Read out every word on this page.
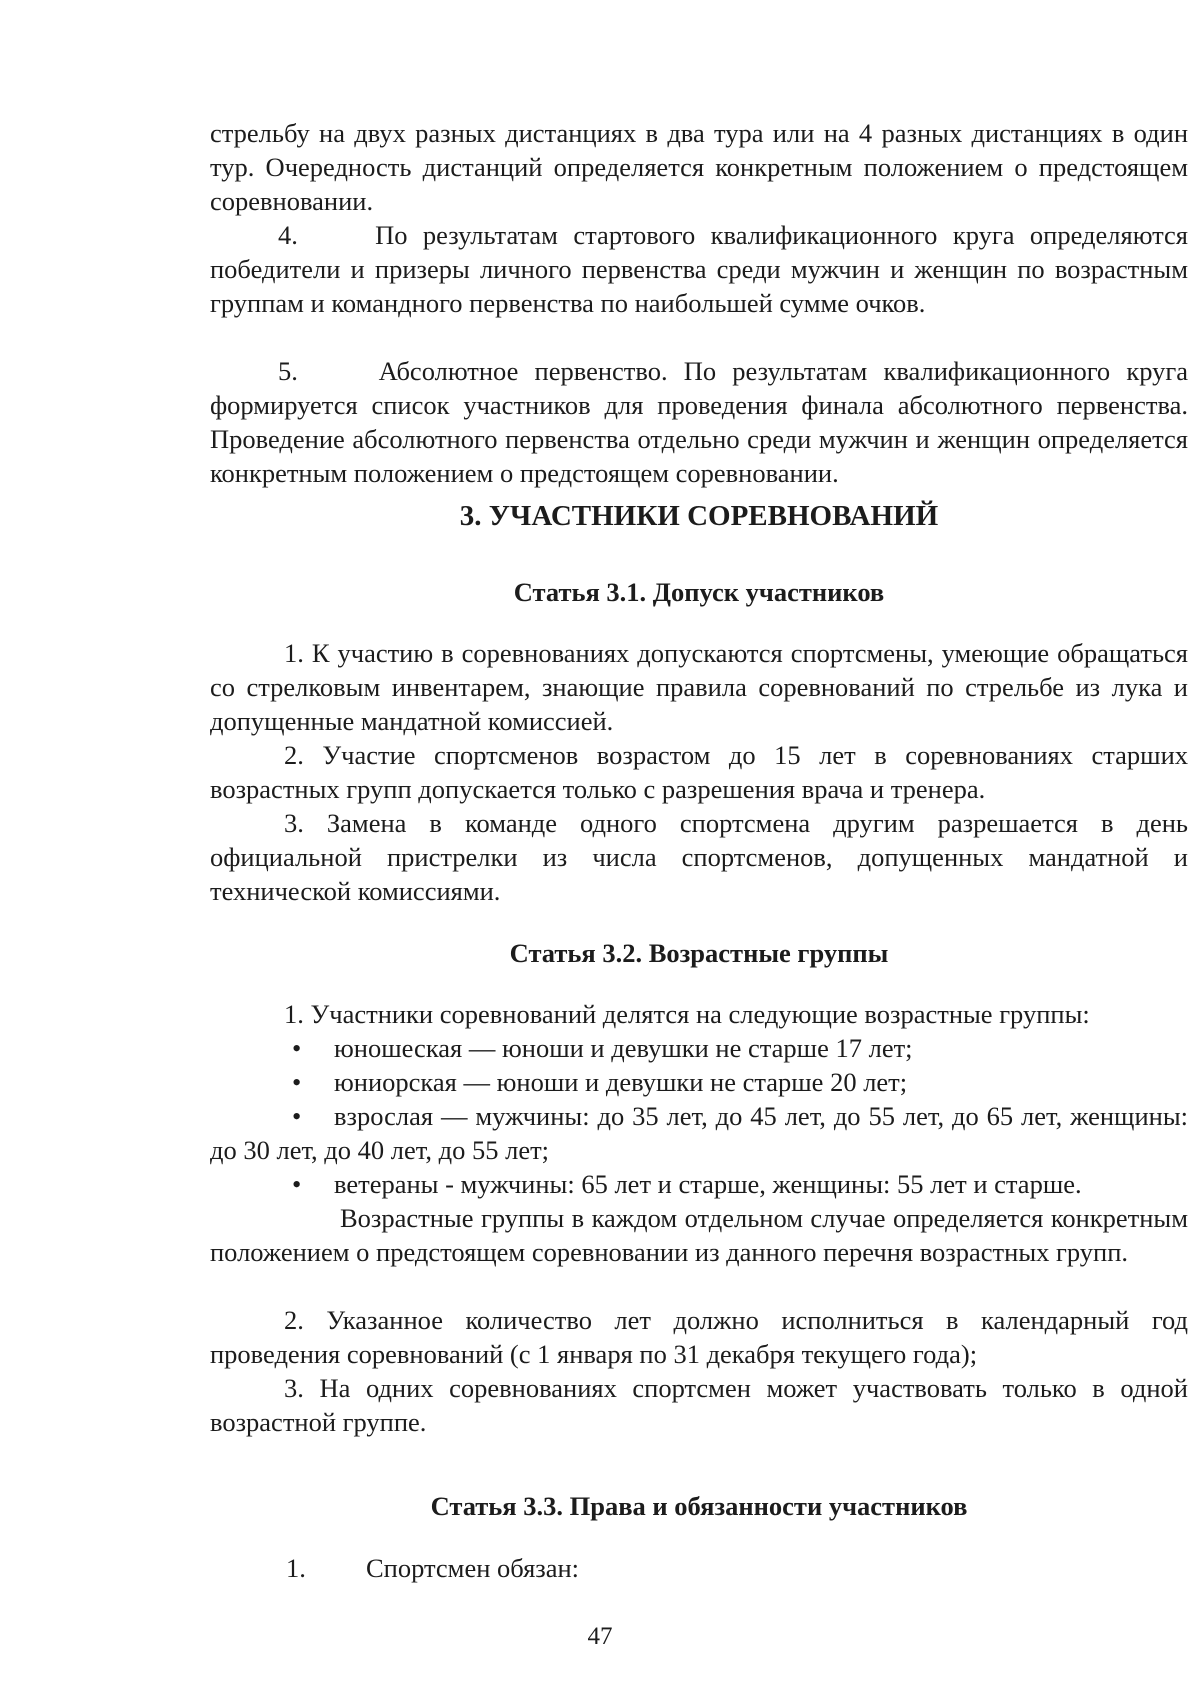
стрельбу на двух разных дистанциях в два тура или на 4 разных дистанциях в один тур. Очередность дистанций определяется конкретным положением о предстоящем соревновании.

4.     По результатам стартового квалификационного круга определяются победители и призеры личного первенства среди мужчин и женщин по возрастным группам и командного первенства по наибольшей сумме очков.

5.     Абсолютное первенство. По результатам квалификационного круга формируется список участников для проведения финала абсолютного первенства. Проведение абсолютного первенства отдельно среди мужчин и женщин определяется конкретным положением о предстоящем соревновании.

3. УЧАСТНИКИ СОРЕВНОВАНИЙ
Статья 3.1. Допуск участников

1. К участию в соревнованиях допускаются спортсмены, умеющие обращаться со стрелковым инвентарем, знающие правила соревнований по стрельбе из лука и допущенные мандатной комиссией.

2. Участие спортсменов возрастом до 15 лет в соревнованиях старших возрастных групп допускается только с разрешения врача и тренера.

3. Замена в команде одного спортсмена другим разрешается в день официальной пристрелки из числа спортсменов, допущенных мандатной и технической комиссиями.

Статья 3.2. Возрастные группы

1. Участники соревнований делятся на следующие возрастные группы:

•	юношеская — юноши и девушки не старше 17 лет;
•	юниорская — юноши и девушки не старше 20 лет;
•	взрослая — мужчины: до 35 лет, до 45 лет, до 55 лет, до 65 лет, женщины: до 30 лет, до 40 лет, до 55 лет;
•	ветераны - мужчины: 65 лет и старше, женщины: 55 лет и старше.

Возрастные группы в каждом отдельном случае определяется конкретным положением о предстоящем соревновании из данного перечня возрастных групп.

2. Указанное количество лет должно исполниться в календарный год проведения соревнований (с 1 января по 31 декабря текущего года);

3. На одних соревнованиях спортсмен может участвовать только в одной возрастной группе.

Статья 3.3. Права и обязанности участников
1. Спортсмен обязан:
47
